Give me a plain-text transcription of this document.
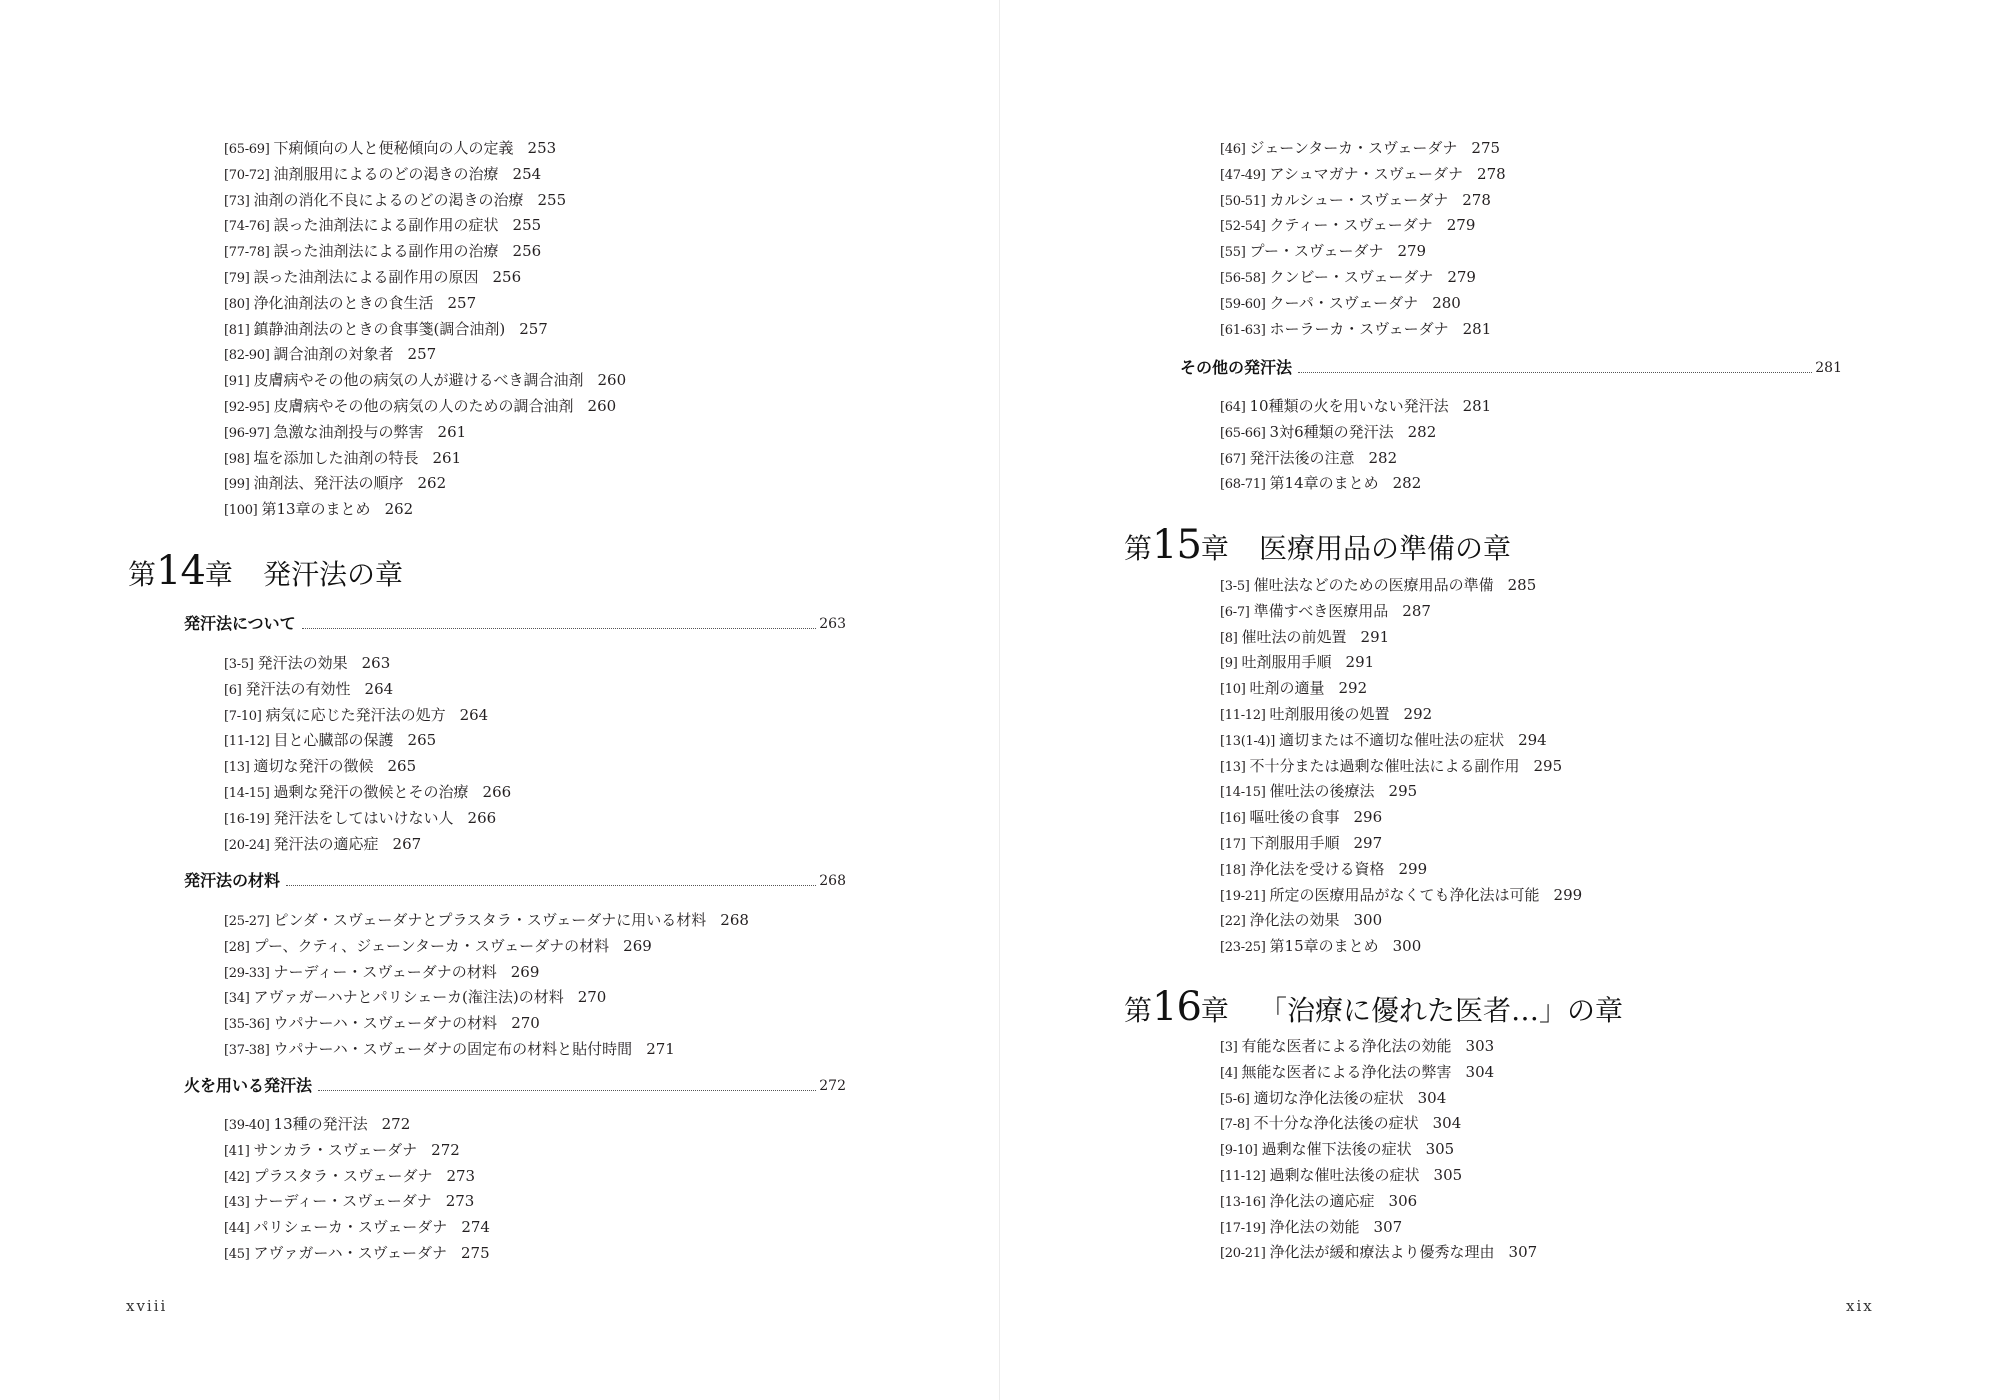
[65-69] 下痢傾向の人と便秘傾向の人の定義 253
[70-72] 油剤服用によるのどの渇きの治療 254
[73] 油剤の消化不良によるのどの渇きの治療 255
[74-76] 誤った油剤法による副作用の症状 255
[77-78] 誤った油剤法による副作用の治療 256
[79] 誤った油剤法による副作用の原因 256
[80] 浄化油剤法のときの食生活 257
[81] 鎮静油剤法のときの食事箋(調合油剤) 257
[82-90] 調合油剤の対象者 257
[91] 皮膚病やその他の病気の人が避けるべき調合油剤 260
[92-95] 皮膚病やその他の病気の人のための調合油剤 260
[96-97] 急激な油剤投与の弊害 261
[98] 塩を添加した油剤の特長 261
[99] 油剤法、発汗法の順序 262
[100] 第13章のまとめ 262
第14章 発汗法の章
発汗法について	263
[3-5] 発汗法の効果 263
[6] 発汗法の有効性 264
[7-10] 病気に応じた発汗法の処方 264
[11-12] 目と心臓部の保護 265
[13] 適切な発汗の徴候 265
[14-15] 過剰な発汗の徴候とその治療 266
[16-19] 発汗法をしてはいけない人 266
[20-24] 発汗法の適応症 267
発汗法の材料	268
[25-27] ピンダ・スヴェーダナとプラスタラ・スヴェーダナに用いる材料 268
[28] プー、クティ、ジェーンターカ・スヴェーダナの材料 269
[29-33] ナーディー・スヴェーダナの材料 269
[34] アヴァガーハナとパリシェーカ(潅注法)の材料 270
[35-36] ウパナーハ・スヴェーダナの材料 270
[37-38] ウパナーハ・スヴェーダナの固定布の材料と貼付時間 271
火を用いる発汗法	272
[39-40] 13種の発汗法 272
[41] サンカラ・スヴェーダナ 272
[42] プラスタラ・スヴェーダナ 273
[43] ナーディー・スヴェーダナ 273
[44] パリシェーカ・スヴェーダナ 274
[45] アヴァガーハ・スヴェーダナ 275
[46] ジェーンターカ・スヴェーダナ 275
[47-49] アシュマガナ・スヴェーダナ 278
[50-51] カルシュー・スヴェーダナ 278
[52-54] クティー・スヴェーダナ 279
[55] プー・スヴェーダナ 279
[56-58] クンビー・スヴェーダナ 279
[59-60] クーパ・スヴェーダナ 280
[61-63] ホーラーカ・スヴェーダナ 281
その他の発汗法	281
[64] 10種類の火を用いない発汗法 281
[65-66] 3対6種類の発汗法 282
[67] 発汗法後の注意 282
[68-71] 第14章のまとめ 282
第15章 医療用品の準備の章
[3-5] 催吐法などのための医療用品の準備 285
[6-7] 準備すべき医療用品 287
[8] 催吐法の前処置 291
[9] 吐剤服用手順 291
[10] 吐剤の適量 292
[11-12] 吐剤服用後の処置 292
[13(1-4)] 適切または不適切な催吐法の症状 294
[13] 不十分または過剰な催吐法による副作用 295
[14-15] 催吐法の後療法 295
[16] 嘔吐後の食事 296
[17] 下剤服用手順 297
[18] 浄化法を受ける資格 299
[19-21] 所定の医療用品がなくても浄化法は可能 299
[22] 浄化法の効果 300
[23-25] 第15章のまとめ 300
第16章 「治療に優れた医者…」の章
[3] 有能な医者による浄化法の効能 303
[4] 無能な医者による浄化法の弊害 304
[5-6] 適切な浄化法後の症状 304
[7-8] 不十分な浄化法後の症状 304
[9-10] 過剰な催下法後の症状 305
[11-12] 過剰な催吐法後の症状 305
[13-16] 浄化法の適応症 306
[17-19] 浄化法の効能 307
[20-21] 浄化法が緩和療法より優秀な理由 307
xviii	xix
